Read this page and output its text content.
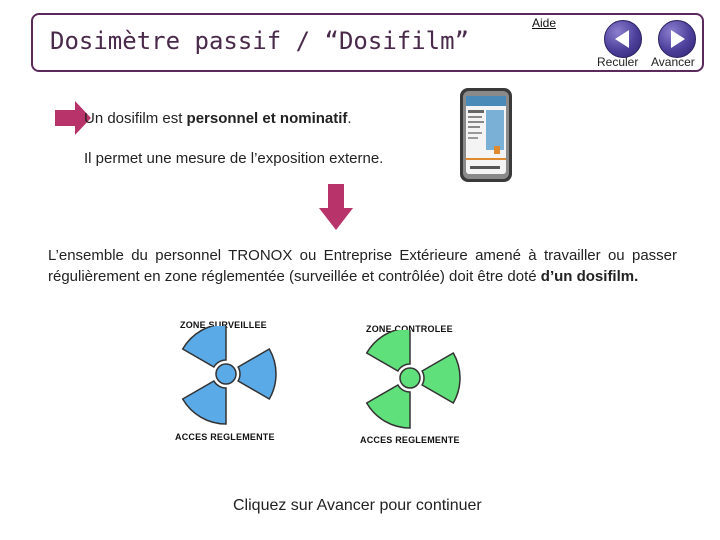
Dosimètre passif / “Dosifilm”
Aide
Reculer Avancer
Un dosifilm est personnel et nominatif.
Il permet une mesure de l’exposition externe.
L’ensemble du personnel TRONOX ou Entreprise Extérieure amené à travailler ou passer régulièrement en zone réglementée (surveillée et contrôlée) doit être doté d’un dosifilm.
ZONE SURVEILLEE
ACCES REGLEMENTE
ZONE CONTROLEE
ACCES REGLEMENTE
Cliquez sur Avancer pour continuer
